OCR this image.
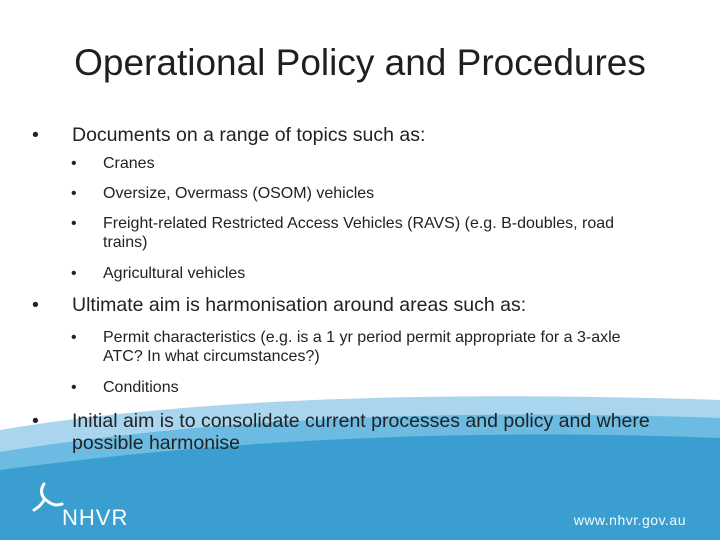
Operational Policy and Procedures

• Documents on a range of topics such as:

• Cranes

• Oversize, Overmass (OSOM) vehicles

• Freight-related Restricted Access Vehicles (RAVS) (e.g. B-doubles, road
trains)

• Agricultural vehicles

• Ultimate aim is harmonisation around areas such as:

• Permit characteristics (e.g. is a 1 yr period permit appropriate for a 3-axle
ATC? In what circumstances?)

• Conditions

• Initial aim is to consolidate current processes and policy and where
possible harmonise

NHVR	www.nhvr.gov.au
